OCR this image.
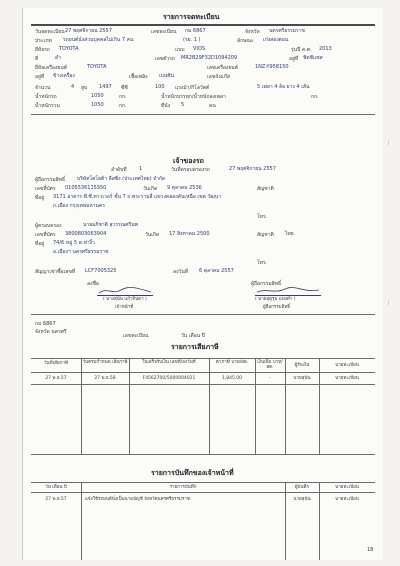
รายการจดทะเบียน
วันจดทะเบียน 27 พฤศจิกายน 2557	เลขทะเบียน กม 6867	จังหวัด นครศรีธรรมราช
ประเภท รถยนต์นั่งส่วนบุคคลไม่เกิน 7 คน	(รย. 1 )	ลักษณะ เก๋งสองตอน
ยี่ห้อรถ TOYOTA	แบบ VIOS	รุ่นปี ค.ศ. 2013
สี	ดำ	เลขตัวรถ MR2B29F32D1094209	อยู่ที่ ชิดซีแชส
ยี่ห้อเครื่องยนต์	TOYOTA	เลขเครื่องยนต์	1NZ-Y958150
อยู่ที่ ข้างเครื่อง	เชื้อเพลิง เบนซิน	เลขถังแก๊ส
จำนวน	4 สูบ 1497 ซีซี	100 แรงม้า/กิโลวัตต์	5 เพลา 4 ล้อ ยาง 4 เส้น
น้ำหนักรถ	1050	กก.	น้ำหนักบรรทุก/น้ำหนักลงเพลา	กก.
น้ำหนักรวม	1050	กก.	ที่นั่ง 5	คน
เจ้าของรถ
ลำดับที่ 1	วันที่ครอบครองรถ	27 พฤศจิกายน 2557
ผู้ถือกรรมสิทธิ์ บริษัทโตโยต้า ลีสซิ่ง (ประเทศไทย) จำกัด
เลขที่บัตร 0105536115350	วันเกิด 9 ตุลาคม 2536	สัญชาติ
ที่อยู่ 3171 อาคาร พี.ซี.ทาวเวอร์ ชั้น 7 ถ.พระรามสี่ แขวงคลองตันเหนือ เขต วัฒนา
ก.เมือง กรุงเทพมหานคร
โทร.
ผู้ครอบครอง	นายอภิชาติ สุวรรณศรีนพ
เลขที่บัตร 3800803063904	วันเกิด 17 สิงหาคม 2500	สัญชาติ ไทย
ที่อยู่ 74/6 หมู่ 5 ต.ท่างิ้ว
อ.เมืองฯ นครศรีธรรมราช
โทร.
สัญญาเช่าซื้อเลขที่ LCF7005325	ลงวันที่ 6 ตุลาคม 2557
ลงชื่อ	ผู้ถือกรรมสิทธิ์
( นางสุนัน แก้วจินดา )
เจ้าหน้าที่
( นายอุดุรุม แพงดำ )
ผู้ถือกรรมสิทธิ์
กม 6867
จังหวัด นครศรี
รายการเสียภาษี
เลขทะเบียน	วัน เดือน ปี
วันที่เสียภาษี	วันครบกำหนด เสียภาษี	ใบเสร็จรับเงิน เลขที่/ลงวันที่	ค่าภาษี บาท/สต.	เงินเพิ่ม บาท/สต.	ผู้รับเงิน	นายทะเบียน
27 พ.ย.57	27 พ.ย.58	F4562700/5000004021	1,845.00	-	นายสุนัน	นายทะเบียน
รายการบันทึกของเจ้าหน้าที่
วัน เดือน ปี	รายการบันทึก	ผู้บันทึก	นายทะเบียน
27 พ.ย.57	แจ้งใช้รถยนต์นั่งเป็นนามบัญชี จังหวัดนครศรีธรรมราช	นายสุนัน	นายทะเบียน
18
|
|
